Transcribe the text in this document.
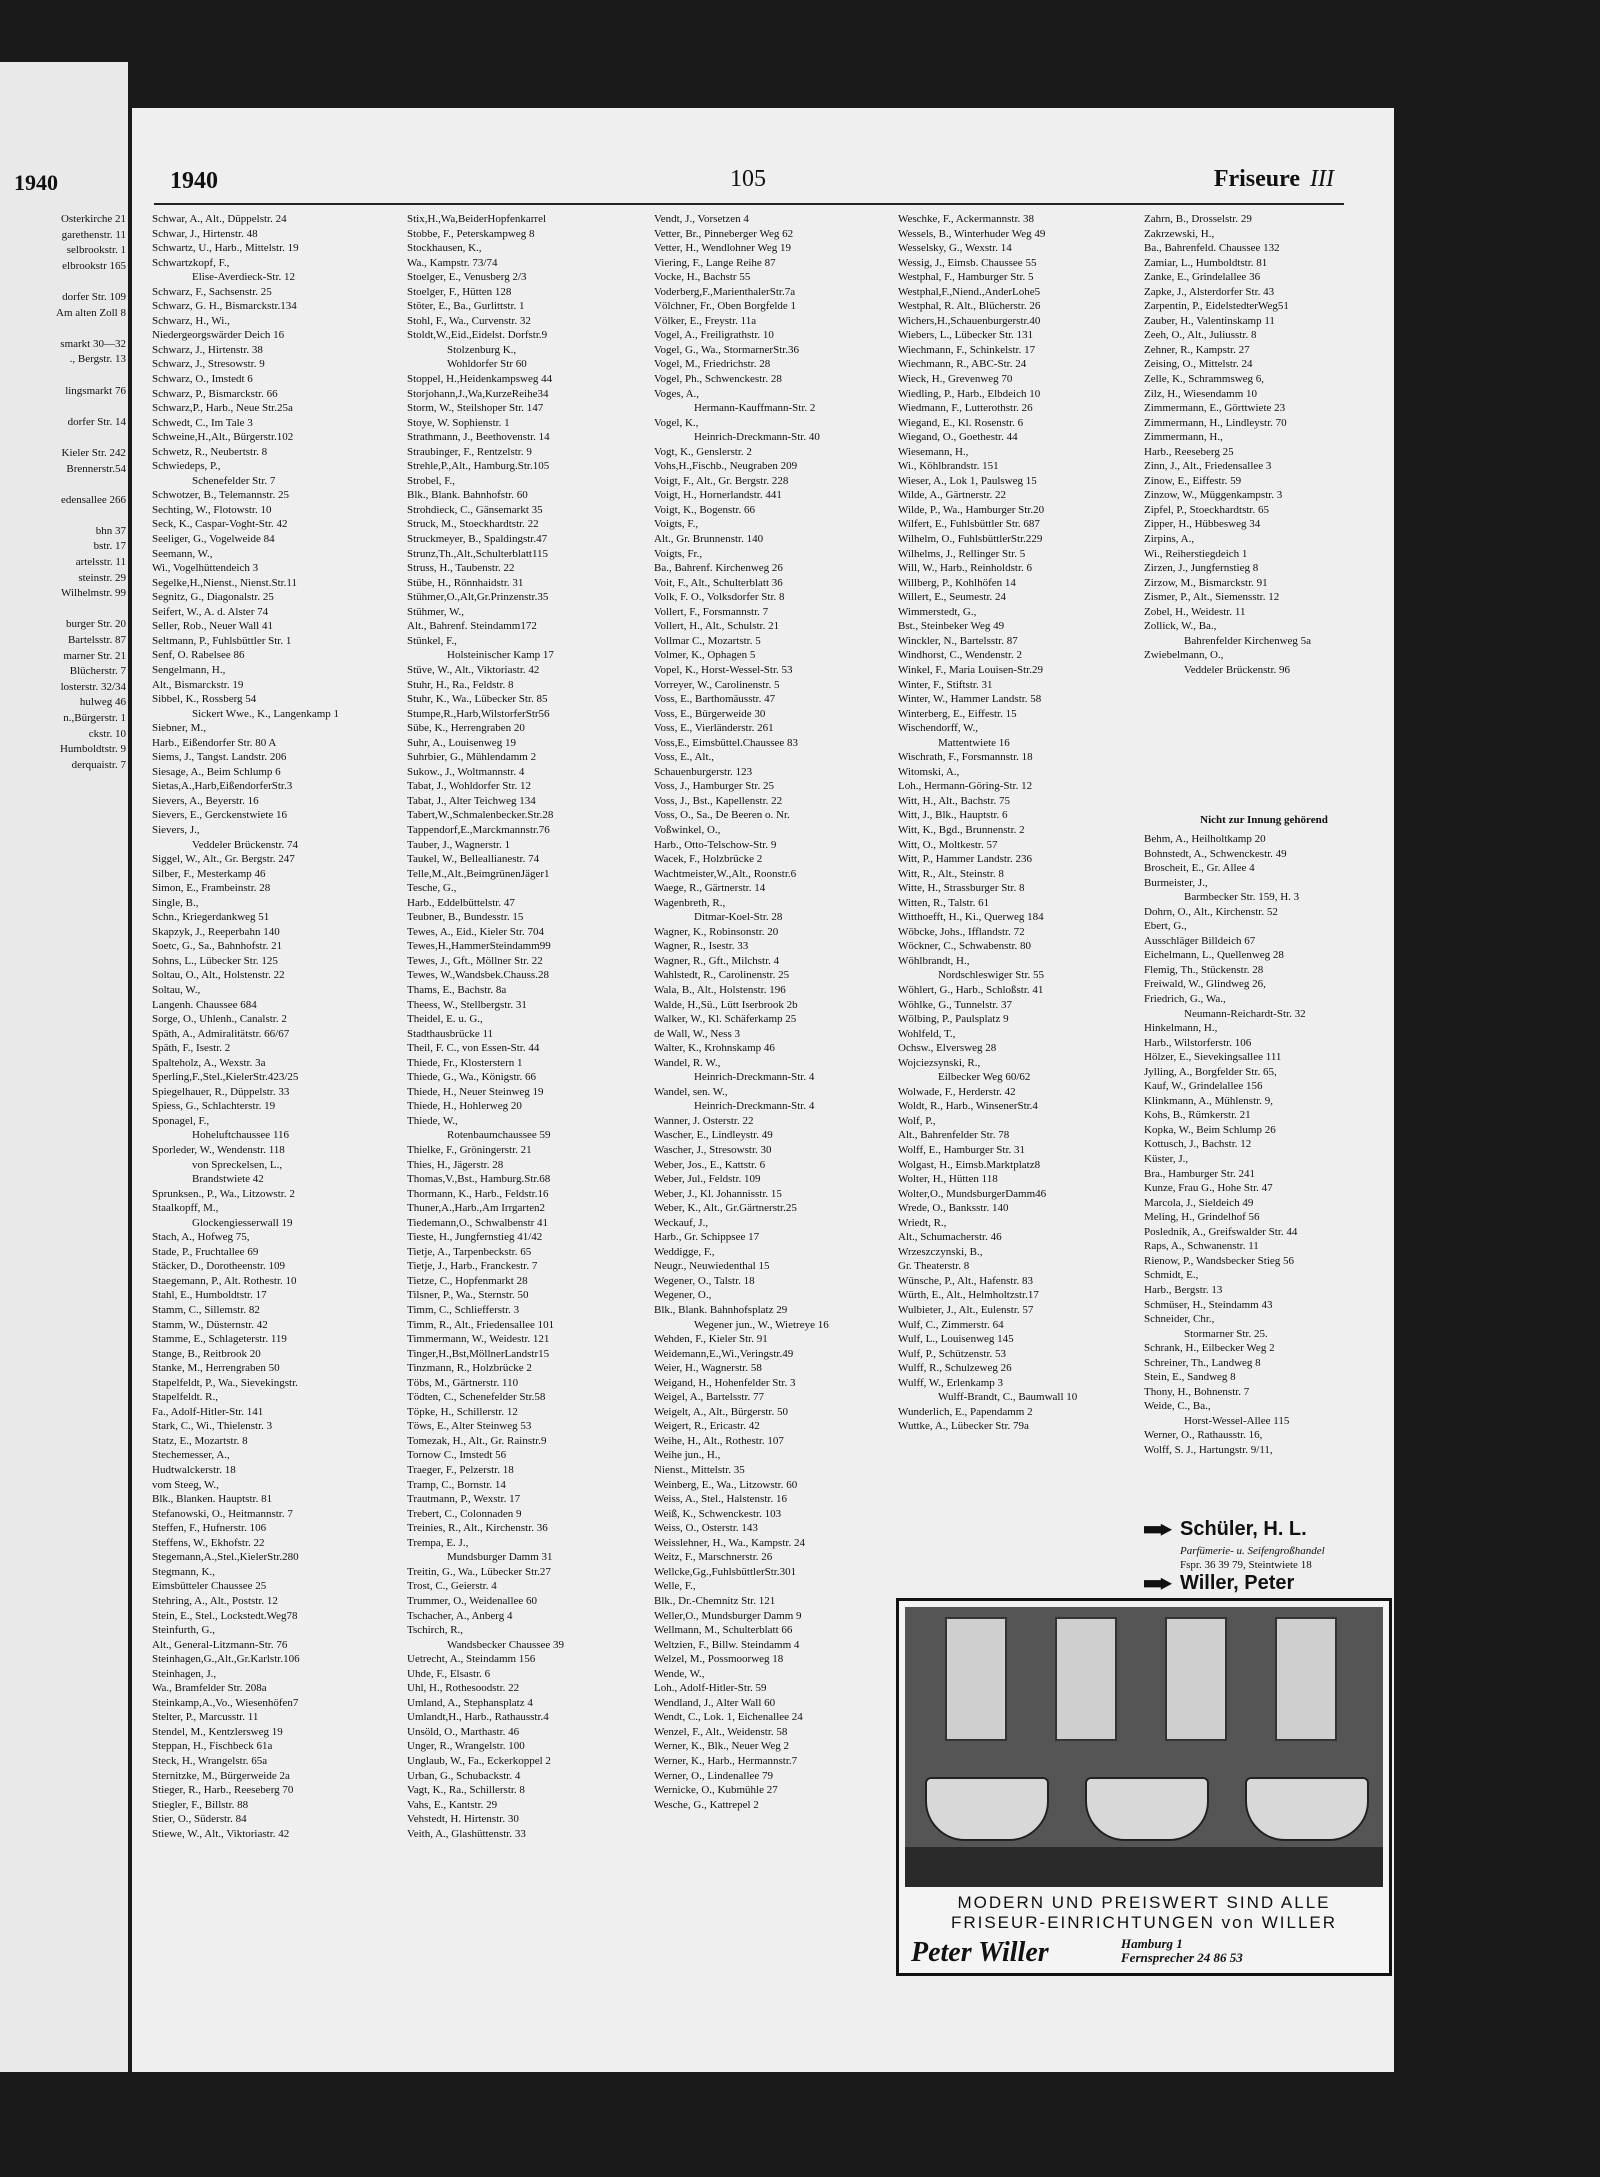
1940
Osterkirche 21
garethenstr. 11
selbrookstr. 1
elbrookstr 165
dorfer Str. 109
Am alten Zoll 8
smarkt 30—32
., Bergstr. 13
lingsmarkt 76
dorfer Str. 14
Kieler Str. 242
Brennerstr.54
edensallee 266
bhn 37
bstr. 17
artelsstr. 11
steinstr. 29
Wilhelmstr. 99
burger Str. 20
Bartelsstr. 87
marner Str. 21
Blücherstr. 7
losterstr. 32/34
hulweg 46
n.,Bürgerstr. 1
ckstr. 10
Humboldtstr. 9
derquaistr. 7
1940	105	Friseure III
Schwar, A., Alt., Düppelstr. 24
Schwar, J., Hirtenstr. 48
Schwartz, U., Harb., Mittelstr. 19
Schwartzkopf, F.,
Elise-Averdieck-Str. 12
Schwarz, F., Sachsenstr. 25
Schwarz, G. H., Bismarckstr.134
Schwarz, H., Wi.,
Niedergeorgswärder Deich 16
Schwarz, J., Hirtenstr. 38
Schwarz, J., Stresowstr. 9
Schwarz, O., Imstedt 6
Schwarz, P., Bismarckstr. 66
Schwarz,P., Harb., Neue Str.25a
Schwedt, C., Im Tale 3
Schweine,H.,Alt., Bürgerstr.102
Schwetz, R., Neubertstr. 8
Schwiedeps, P.,
Schenefelder Str. 7
Schwotzer, B., Telemannstr. 25
Sechting, W., Flotowstr. 10
Seck, K., Caspar-Voght-Str. 42
Seeliger, G., Vogelweide 84
Seemann, W.,
Wi., Vogelhüttendeich 3
Segelke,H.,Nienst., Nienst.Str.11
Segnitz, G., Diagonalstr. 25
Seifert, W., A. d. Alster 74
Seller, Rob., Neuer Wall 41
Seltmann, P., Fuhlsbüttler Str. 1
Senf, O. Rabelsee 86
Sengelmann, H.,
Alt., Bismarckstr. 19
Sibbel, K., Rossberg 54
Sickert Wwe., K., Langenkamp 1
Siebner, M.,
Harb., Eißendorfer Str. 80 A
Siems, J., Tangst. Landstr. 206
Siesage, A., Beim Schlump 6
Sietas,A.,Harb,EißendorferStr.3
Sievers, A., Beyerstr. 16
Sievers, E., Gerckenstwiete 16
Sievers, J.,
Veddeler Brückenstr. 74
Siggel, W., Alt., Gr. Bergstr. 247
Silber, F., Mesterkamp 46
Simon, E., Frambeinstr. 28
Single, B.,
Schn., Kriegerdankweg 51
Skapzyk, J., Reeperbahn 140
Soetc, G., Sa., Bahnhofstr. 21
Sohns, L., Lübecker Str. 125
Soltau, O., Alt., Holstenstr. 22
Soltau, W.,
Langenh. Chaussee 684
Sorge, O., Uhlenh., Canalstr. 2
Späth, A., Admiralitätstr. 66/67
Späth, F., Isestr. 2
Spalteholz, A., Wexstr. 3a
Sperling,F.,Stel.,KielerStr.423/25
Spiegelhauer, R., Düppelstr. 33
Spiess, G., Schlachterstr. 19
Sponagel, F.,
Hoheluftchaussee 116
Sporleder, W., Wendenstr. 118
von Spreckelsen, L.,
Brandstwiete 42
Sprunksen., P., Wa., Litzowstr. 2
Staalkopff, M.,
Glockengiesserwall 19
Stach, A., Hofweg 75,
Stade, P., Fruchtallee 69
Stäcker, D., Dorotheenstr. 109
Staegemann, P., Alt. Rothestr. 10
Stahl, E., Humboldtstr. 17
Stamm, C., Sillemstr. 82
Stamm, W., Düsternstr. 42
Stamme, E., Schlageterstr. 119
Stange, B., Reitbrook 20
Stanke, M., Herrengraben 50
Stapelfeldt, P., Wa., Sievekingstr.
Stapelfeldt. R.,
Fa., Adolf-Hitler-Str. 141
Stark, C., Wi., Thielenstr. 3
Statz, E., Mozartstr. 8
Stechemesser, A.,
Hudtwalckerstr. 18
vom Steeg, W.,
Blk., Blanken. Hauptstr. 81
Stefanowski, O., Heitmannstr. 7
Steffen, F., Hufnerstr. 106
Steffens, W., Ekhofstr. 22
Stegemann,A.,Stel.,KielerStr.280
Stegmann, K.,
Eimsbütteler Chaussee 25
Stehring, A., Alt., Poststr. 12
Stein, E., Stel., Lockstedt.Weg78
Steinfurth, G.,
Alt., General-Litzmann-Str. 76
Steinhagen,G.,Alt.,Gr.Karlstr.106
Steinhagen, J.,
Wa., Bramfelder Str. 208a
Steinkamp,A.,Vo., Wiesenhöfen7
Stelter, P., Marcusstr. 11
Stendel, M., Kentzlersweg 19
Steppan, H., Fischbeck 61a
Steck, H., Wrangelstr. 65a
Sternitzke, M., Bürgerweide 2a
Stieger, R., Harb., Reeseberg 70
Stiegler, F., Billstr. 88
Stier, O., Süderstr. 84
Stiewe, W., Alt., Viktoriastr. 42
Stix,H.,Wa,BeiderHopfenkarrel
Stobbe, F., Peterskampweg 8
Stockhausen, K.,
Wa., Kampstr. 73/74
Stoelger, E., Venusberg 2/3
Stoelger, F., Hütten 128
Stöter, E., Ba., Gurlittstr. 1
Stohl, F., Wa., Curvenstr. 32
Stoldt,W.,Eid.,Eidelst. Dorfstr.9
Stolzenburg K.,
Wohldorfer Str 60
Stoppel, H.,Heidenkampsweg 44
Storjohann,J.,Wa,KurzeReihe34
Storm, W., Steilshoper Str. 147
Stoye, W. Sophienstr. 1
Strathmann, J., Beethovenstr. 14
Straubinger, F., Rentzelstr. 9
Strehle,P.,Alt., Hamburg.Str.105
Strobel, F.,
Blk., Blank. Bahnhofstr. 60
Strohdieck, C., Gänsemarkt 35
Struck, M., Stoeckhardtstr. 22
Struckmeyer, B., Spaldingstr.47
Strunz,Th.,Alt.,Schulterblatt115
Struss, H., Taubenstr. 22
Stübe, H., Rönnhaidstr. 31
Stühmer,O.,Alt,Gr.Prinzenstr.35
Stühmer, W.,
Alt., Bahrenf. Steindamm172
Stünkel, F.,
Holsteinischer Kamp 17
Stüve, W., Alt., Viktoriastr. 42
Stuhr, H., Ra., Feldstr. 8
Stuhr, K., Wa., Lübecker Str. 85
Stumpe,R.,Harb,WilstorferStr56
Sübe, K., Herrengraben 20
Suhr, A., Louisenweg 19
Suhrbier, G., Mühlendamm 2
Sukow., J., Woltmannstr. 4
Tabat, J., Wohldorfer Str. 12
Tabat, J., Alter Teichweg 134
Tabert,W.,Schmalenbecker.Str.28
Tappendorf,E.,Marckmannstr.76
Tauber, J., Wagnerstr. 1
Taukel, W., Belleallianestr. 74
Telle,M.,Alt.,BeimgrünenJäger1
Tesche, G.,
Harb., Eddelbüttelstr. 47
Teubner, B., Bundesstr. 15
Tewes, A., Eid., Kieler Str. 704
Tewes,H.,HammerSteindamm99
Tewes, J., Gft., Möllner Str. 22
Tewes, W.,Wandsbek.Chauss.28
Thams, E., Bachstr. 8a
Theess, W., Stellbergstr. 31
Theidel, E. u. G.,
Stadthausbrücke 11
Theil, F. C., von Essen-Str. 44
Thiede, Fr., Klosterstern 1
Thiede, G., Wa., Königstr. 66
Thiede, H., Neuer Steinweg 19
Thiede, H., Hohlerweg 20
Thiede, W.,
Rotenbaumchaussee 59
Thielke, F., Gröningerstr. 21
Thies, H., Jägerstr. 28
Thomas,V.,Bst., Hamburg.Str.68
Thormann, K., Harb., Feldstr.16
Thuner,A.,Harb.,Am Irrgarten2
Tiedemann,O., Schwalbenstr 41
Tieste, H., Jungfernstieg 41/42
Tietje, A., Tarpenbeckstr. 65
Tietje, J., Harb., Franckestr. 7
Tietze, C., Hopfenmarkt 28
Tilsner, P., Wa., Sternstr. 50
Timm, C., Schliefferstr. 3
Timm, R., Alt., Friedensallee 101
Timmermann, W., Weidestr. 121
Tinger,H.,Bst,MöllnerLandstr15
Tinzmann, R., Holzbrücke 2
Töbs, M., Gärtnerstr. 110
Tödten, C., Schenefelder Str.58
Töpke, H., Schillerstr. 12
Töws, E., Alter Steinweg 53
Tomezak, H., Alt., Gr. Rainstr.9
Tornow C., Imstedt 56
Traeger, F., Pelzerstr. 18
Tramp, C., Bornstr. 14
Trautmann, P., Wexstr. 17
Trebert, C., Colonnaden 9
Treinies, R., Alt., Kirchenstr. 36
Trempa, E. J.,
Mundsburger Damm 31
Treitin, G., Wa., Lübecker Str.27
Trost, C., Geierstr. 4
Trummer, O., Weidenallee 60
Tschacher, A., Anberg 4
Tschirch, R.,
Wandsbecker Chaussee 39
Uetrecht, A., Steindamm 156
Uhde, F., Elsastr. 6
Uhl, H., Rothesoodstr. 22
Umland, A., Stephansplatz 4
Umlandt,H., Harb., Rathausstr.4
Unsöld, O., Marthastr. 46
Unger, R., Wrangelstr. 100
Unglaub, W., Fa., Eckerkoppel 2
Urban, G., Schubackstr. 4
Vagt, K., Ra., Schillerstr. 8
Vahs, E., Kantstr. 29
Vehstedt, H. Hirtenstr. 30
Veith, A., Glashüttenstr. 33
Vendt, J., Vorsetzen 4
Vetter, Br., Pinneberger Weg 62
Vetter, H., Wendlohner Weg 19
Viering, F., Lange Reihe 87
Vocke, H., Bachstr 55
Voderberg,F.,MarienthalerStr.7a
Völchner, Fr., Oben Borgfelde 1
Völker, E., Freystr. 11a
Vogel, A., Freiligrathstr. 10
Vogel, G., Wa., StormarnerStr.36
Vogel, M., Friedrichstr. 28
Vogel, Ph., Schwenckestr. 28
Voges, A.,
Hermann-Kauffmann-Str. 2
Vogel, K.,
Heinrich-Dreckmann-Str. 40
Vogt, K., Genslerstr. 2
Vohs,H.,Fischb., Neugraben 209
Voigt, F., Alt., Gr. Bergstr. 228
Voigt, H., Hornerlandstr. 441
Voigt, K., Bogenstr. 66
Voigts, F.,
Alt., Gr. Brunnenstr. 140
Voigts, Fr.,
Ba., Bahrenf. Kirchenweg 26
Voit, F., Alt., Schulterblatt 36
Volk, F. O., Volksdorfer Str. 8
Vollert, F., Forsmannstr. 7
Vollert, H., Alt., Schulstr. 21
Vollmar C., Mozartstr. 5
Volmer, K., Ophagen 5
Vopel, K., Horst-Wessel-Str. 53
Vorreyer, W., Carolinenstr. 5
Voss, E., Barthomäusstr. 47
Voss, E., Bürgerweide 30
Voss, E., Vierländerstr. 261
Voss,E., Eimsbüttel.Chaussee 83
Voss, E., Alt.,
Schauenburgerstr. 123
Voss, J., Hamburger Str. 25
Voss, J., Bst., Kapellenstr. 22
Voss, O., Sa., De Beeren o. Nr.
Voßwinkel, O.,
Harb., Otto-Telschow-Str. 9
Wacek, F., Holzbrücke 2
Wachtmeister,W.,Alt., Roonstr.6
Waege, R., Gärtnerstr. 14
Wagenbreth, R.,
Ditmar-Koel-Str. 28
Wagner, K., Robinsonstr. 20
Wagner, R., Isestr. 33
Wagner, R., Gft., Milchstr. 4
Wahlstedt, R., Carolinenstr. 25
Wala, B., Alt., Holstenstr. 196
Walde, H.,Sü., Lütt Iserbrook 2b
Walker, W., Kl. Schäferkamp 25
de Wall, W., Ness 3
Walter, K., Krohnskamp 46
Wandel, R. W.,
Heinrich-Dreckmann-Str. 4
Wandel, sen. W.,
Heinrich-Dreckmann-Str. 4
Wanner, J. Osterstr. 22
Wascher, E., Lindleystr. 49
Wascher, J., Stresowstr. 30
Weber, Jos., E., Kattstr. 6
Weber, Jul., Feldstr. 109
Weber, J., Kl. Johannisstr. 15
Weber, K., Alt., Gr.Gärtnerstr.25
Weckauf, J.,
Harb., Gr. Schippsee 17
Weddigge, F.,
Neugr., Neuwiedenthal 15
Wegener, O., Talstr. 18
Wegener, O.,
Blk., Blank. Bahnhofsplatz 29
Wegener jun., W., Wietreye 16
Wehden, F., Kieler Str. 91
Weidemann,E.,Wi.,Veringstr.49
Weier, H., Wagnerstr. 58
Weigand, H., Hohenfelder Str. 3
Weigel, A., Bartelsstr. 77
Weigelt, A., Alt., Bürgerstr. 50
Weigert, R., Ericastr. 42
Weihe, H., Alt., Rothestr. 107
Weihe jun., H.,
Nienst., Mittelstr. 35
Weinberg, E., Wa., Litzowstr. 60
Weiss, A., Stel., Halstenstr. 16
Weiß, K., Schwenckestr. 103
Weiss, O., Osterstr. 143
Weisslehner, H., Wa., Kampstr. 24
Weitz, F., Marschnerstr. 26
Wellcke,Gg.,FuhlsbüttlerStr.301
Welle, F.,
Blk., Dr.-Chemnitz Str. 121
Weller,O., Mundsburger Damm 9
Wellmann, M., Schulterblatt 66
Weltzien, F., Billw. Steindamm 4
Welzel, M., Possmoorweg 18
Wende, W.,
Loh., Adolf-Hitler-Str. 59
Wendland, J., Alter Wall 60
Wendt, C., Lok. 1, Eichenallee 24
Wenzel, F., Alt., Weidenstr. 58
Werner, K., Blk., Neuer Weg 2
Werner, K., Harb., Hermannstr.7
Werner, O., Lindenallee 79
Wernicke, O., Kubmühle 27
Wesche, G., Kattrepel 2
Weschke, F., Ackermannstr. 38
Wessels, B., Winterhuder Weg 49
Wesselsky, G., Wexstr. 14
Wessig, J., Eimsb. Chaussee 55
Westphal, F., Hamburger Str. 5
Westphal,F.,Niend.,AnderLohe5
Westphal, R. Alt., Blücherstr. 26
Wichers,H.,Schauenburgerstr.40
Wiebers, L., Lübecker Str. 131
Wiechmann, F., Schinkelstr. 17
Wiechmann, R., ABC-Str. 24
Wieck, H., Grevenweg 70
Wiedling, P., Harb., Elbdeich 10
Wiedmann, F., Lutterothstr. 26
Wiegand, E., Kl. Rosenstr. 6
Wiegand, O., Goethestr. 44
Wiesemann, H.,
Wi., Köhlbrandstr. 151
Wieser, A., Lok 1, Paulsweg 15
Wilde, A., Gärtnerstr. 22
Wilde, P., Wa., Hamburger Str.20
Wilfert, E., Fuhlsbüttler Str. 687
Wilhelm, O., FuhlsbüttlerStr.229
Wilhelms, J., Rellinger Str. 5
Will, W., Harb., Reinholdstr. 6
Willberg, P., Kohlhöfen 14
Willert, E., Seumestr. 24
Wimmerstedt, G.,
Bst., Steinbeker Weg 49
Winckler, N., Bartelsstr. 87
Windhorst, C., Wendenstr. 2
Winkel, F., Maria Louisen-Str.29
Winter, F., Stiftstr. 31
Winter, W., Hammer Landstr. 58
Winterberg, E., Eiffestr. 15
Wischendorff, W.,
Mattentwiete 16
Wischrath, F., Forsmannstr. 18
Witomski, A.,
Loh., Hermann-Göring-Str. 12
Witt, H., Alt., Bachstr. 75
Witt, J., Blk., Hauptstr. 6
Witt, K., Bgd., Brunnenstr. 2
Witt, O., Moltkestr. 57
Witt, P., Hammer Landstr. 236
Witt, R., Alt., Steinstr. 8
Witte, H., Strassburger Str. 8
Witten, R., Talstr. 61
Witthoefft, H., Ki., Querweg 184
Wöbcke, Johs., Ifflandstr. 72
Wöckner, C., Schwabenstr. 80
Wöhlbrandt, H.,
Nordschleswiger Str. 55
Wöhlert, G., Harb., Schloßstr. 41
Wöhlke, G., Tunnelstr. 37
Wölbing, P., Paulsplatz 9
Wohlfeld, T.,
Ochsw., Elversweg 28
Wojciezsynski, R.,
Eilbecker Weg 60/62
Wolwade, F., Herderstr. 42
Woldt, R., Harb., WinsenerStr.4
Wolf, P.,
Alt., Bahrenfelder Str. 78
Wolff, E., Hamburger Str. 31
Wolgast, H., Eimsb.Marktplatz8
Wolter, H., Hütten 118
Wolter,O., MundsburgerDamm46
Wrede, O., Banksstr. 140
Wriedt, R.,
Alt., Schumacherstr. 46
Wrzeszczynski, B.,
Gr. Theaterstr. 8
Wünsche, P., Alt., Hafenstr. 83
Würth, E., Alt., Helmholtzstr.17
Wulbieter, J., Alt., Eulenstr. 57
Wulf, C., Zimmerstr. 64
Wulf, L., Louisenweg 145
Wulf, P., Schützenstr. 53
Wulff, R., Schulzeweg 26
Wulff, W., Erlenkamp 3
Wulff-Brandt, C., Baumwall 10
Wunderlich, E., Papendamm 2
Wuttke, A., Lübecker Str. 79a
Zahrn, B., Drosselstr. 29
Zakrzewski, H.,
Ba., Bahrenfeld. Chaussee 132
Zamiar, L., Humboldtstr. 81
Zanke, E., Grindelallee 36
Zapke, J., Alsterdorfer Str. 43
Zarpentin, P., EidelstedterWeg51
Zauber, H., Valentinskamp 11
Zeeh, O., Alt., Juliusstr. 8
Zehner, R., Kampstr. 27
Zeising, O., Mittelstr. 24
Zelle, K., Schrammsweg 6,
Zilz, H., Wiesendamm 10
Zimmermann, E., Görttwiete 23
Zimmermann, H., Lindleystr. 70
Zimmermann, H.,
Harb., Reeseberg 25
Zinn, J., Alt., Friedensallee 3
Zinow, E., Eiffestr. 59
Zinzow, W., Müggenkampstr. 3
Zipfel, P., Stoeckhardtstr. 65
Zipper, H., Hübbesweg 34
Zirpins, A.,
Wi., Reiherstiegdeich 1
Zirzen, J., Jungfernstieg 8
Zirzow, M., Bismarckstr. 91
Zismer, P., Alt., Siemensstr. 12
Zobel, H., Weidestr. 11
Zollick, W., Ba.,
Bahrenfelder Kirchenweg 5a
Zwiebelmann, O.,
Veddeler Brückenstr. 96
Nicht zur Innung gehörend
Behm, A., Heilholtkamp 20
Bohnstedt, A., Schwenckestr. 49
Broscheit, E., Gr. Allee 4
Burmeister, J.,
Barmbecker Str. 159, H. 3
Dohrn, O., Alt., Kirchenstr. 52
Ebert, G.,
Ausschläger Billdeich 67
Eichelmann, L., Quellenweg 28
Flemig, Th., Stückenstr. 28
Freiwald, W., Glindweg 26,
Friedrich, G., Wa.,
Neumann-Reichardt-Str. 32
Hinkelmann, H.,
Harb., Wilstorferstr. 106
Hölzer, E., Sievekingsallee 111
Jylling, A., Borgfelder Str. 65,
Kauf, W., Grindelallee 156
Klinkmann, A., Mühlenstr. 9,
Kohs, B., Rümkerstr. 21
Kopka, W., Beim Schlump 26
Kottusch, J., Bachstr. 12
Küster, J.,
Bra., Hamburger Str. 241
Kunze, Frau G., Hohe Str. 47
Marcola, J., Sieldeich 49
Meling, H., Grindelhof 56
Posledník, A., Greifswalder Str. 44
Raps, A., Schwanenstr. 11
Rienow, P., Wandsbecker Stieg 56
Schmidt, E.,
Harb., Bergstr. 13
Schmüser, H., Steindamm 43
Schneider, Chr.,
Stormarner Str. 25.
Schrank, H., Eilbecker Weg 2
Schreiner, Th., Landweg 8
Stein, E., Sandweg 8
Thony, H., Bohnenstr. 7
Weide, C., Ba.,
Horst-Wessel-Allee 115
Werner, O., Rathausstr. 16,
Wolff, S. J., Hartungstr. 9/11,
Schüler, H. L.
Parfümerie- u. Seifengroßhandel
Fspr. 36 39 79, Steintwiete 18
Willer, Peter
MODERN UND PREISWERT SIND ALLE
FRISEUR-EINRICHTUNGEN von WILLER
Peter Willer	Hamburg 1
Fernsprecher 24 86 53
